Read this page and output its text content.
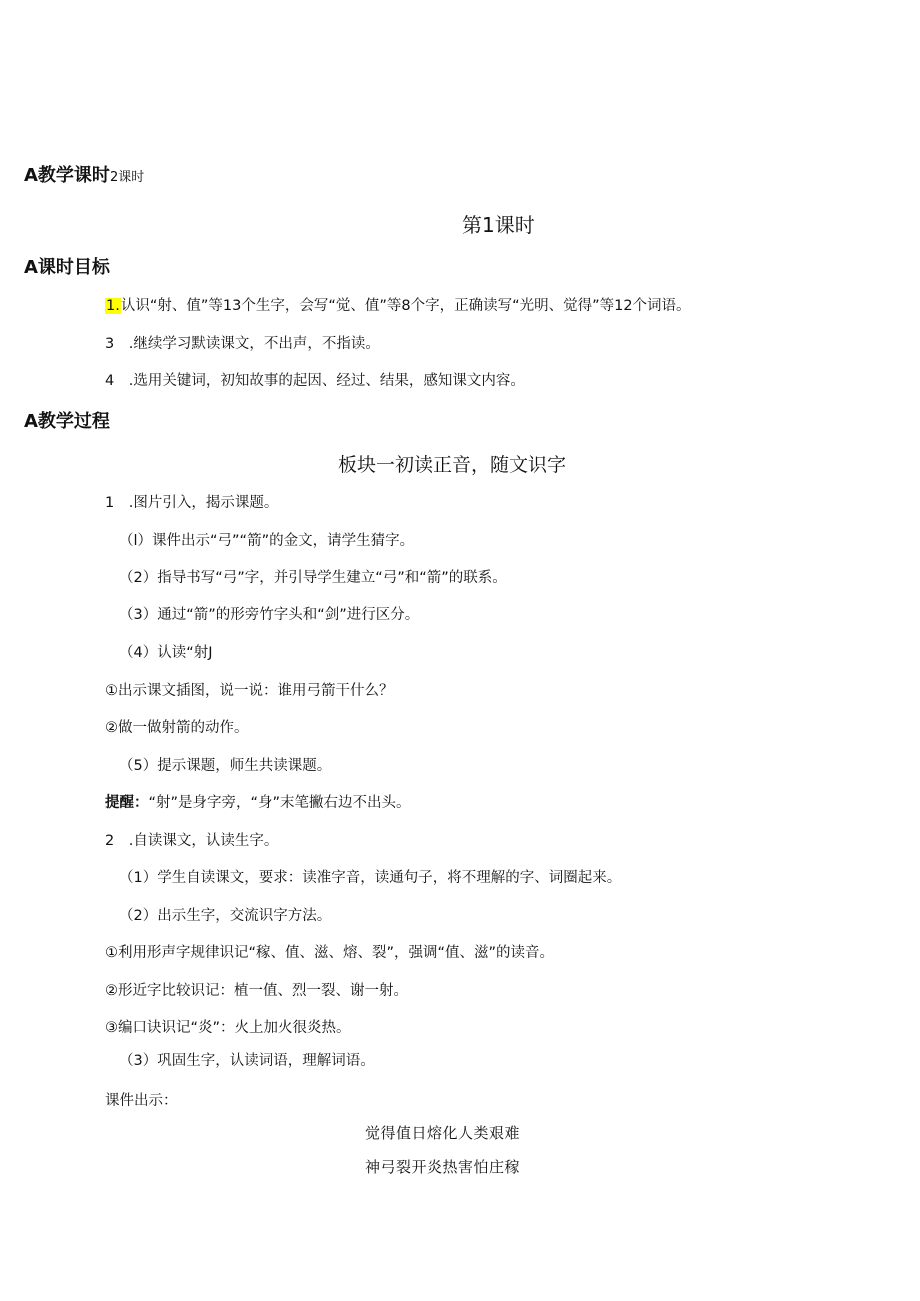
A教学课时2课时
第1课时
A课时目标
1.认识“射、值”等13个生字，会写“觉、值”等8个字，正确读写“光明、觉得”等12个词语。
3 .继续学习默读课文，不出声，不指读。
4 .选用关键词，初知故事的起因、经过、结果，感知课文内容。
A教学过程
板块一初读正音，随文识字
1 .图片引入，揭示课题。
（l）课件出示“弓”“箭”的金文，请学生猜字。
（2）指导书写“弓”字，并引导学生建立“弓”和“箭”的联系。
（3）通过“箭”的形旁竹字头和“剑”进行区分。
（4）认读“射J
①出示课文插图，说一说：谁用弓箭干什么？
②做一做射箭的动作。
（5）提示课题，师生共读课题。
提醒：“射”是身字旁，“身”末笔撇右边不出头。
2 .自读课文，认读生字。
（1）学生自读课文，要求：读准字音，读通句子，将不理解的字、词圈起来。
（2）出示生字，交流识字方法。
①利用形声字规律识记“稼、值、滋、熔、裂”，强调“值、滋”的读音。
②形近字比较识记：植一值、烈一裂、谢一射。
③编口诀识记“炎”：火上加火很炎热。
（3）巩固生字，认读词语，理解词语。
课件出示：
觉得值日熔化人类艰难
神弓裂开炎热害怕庄稼
